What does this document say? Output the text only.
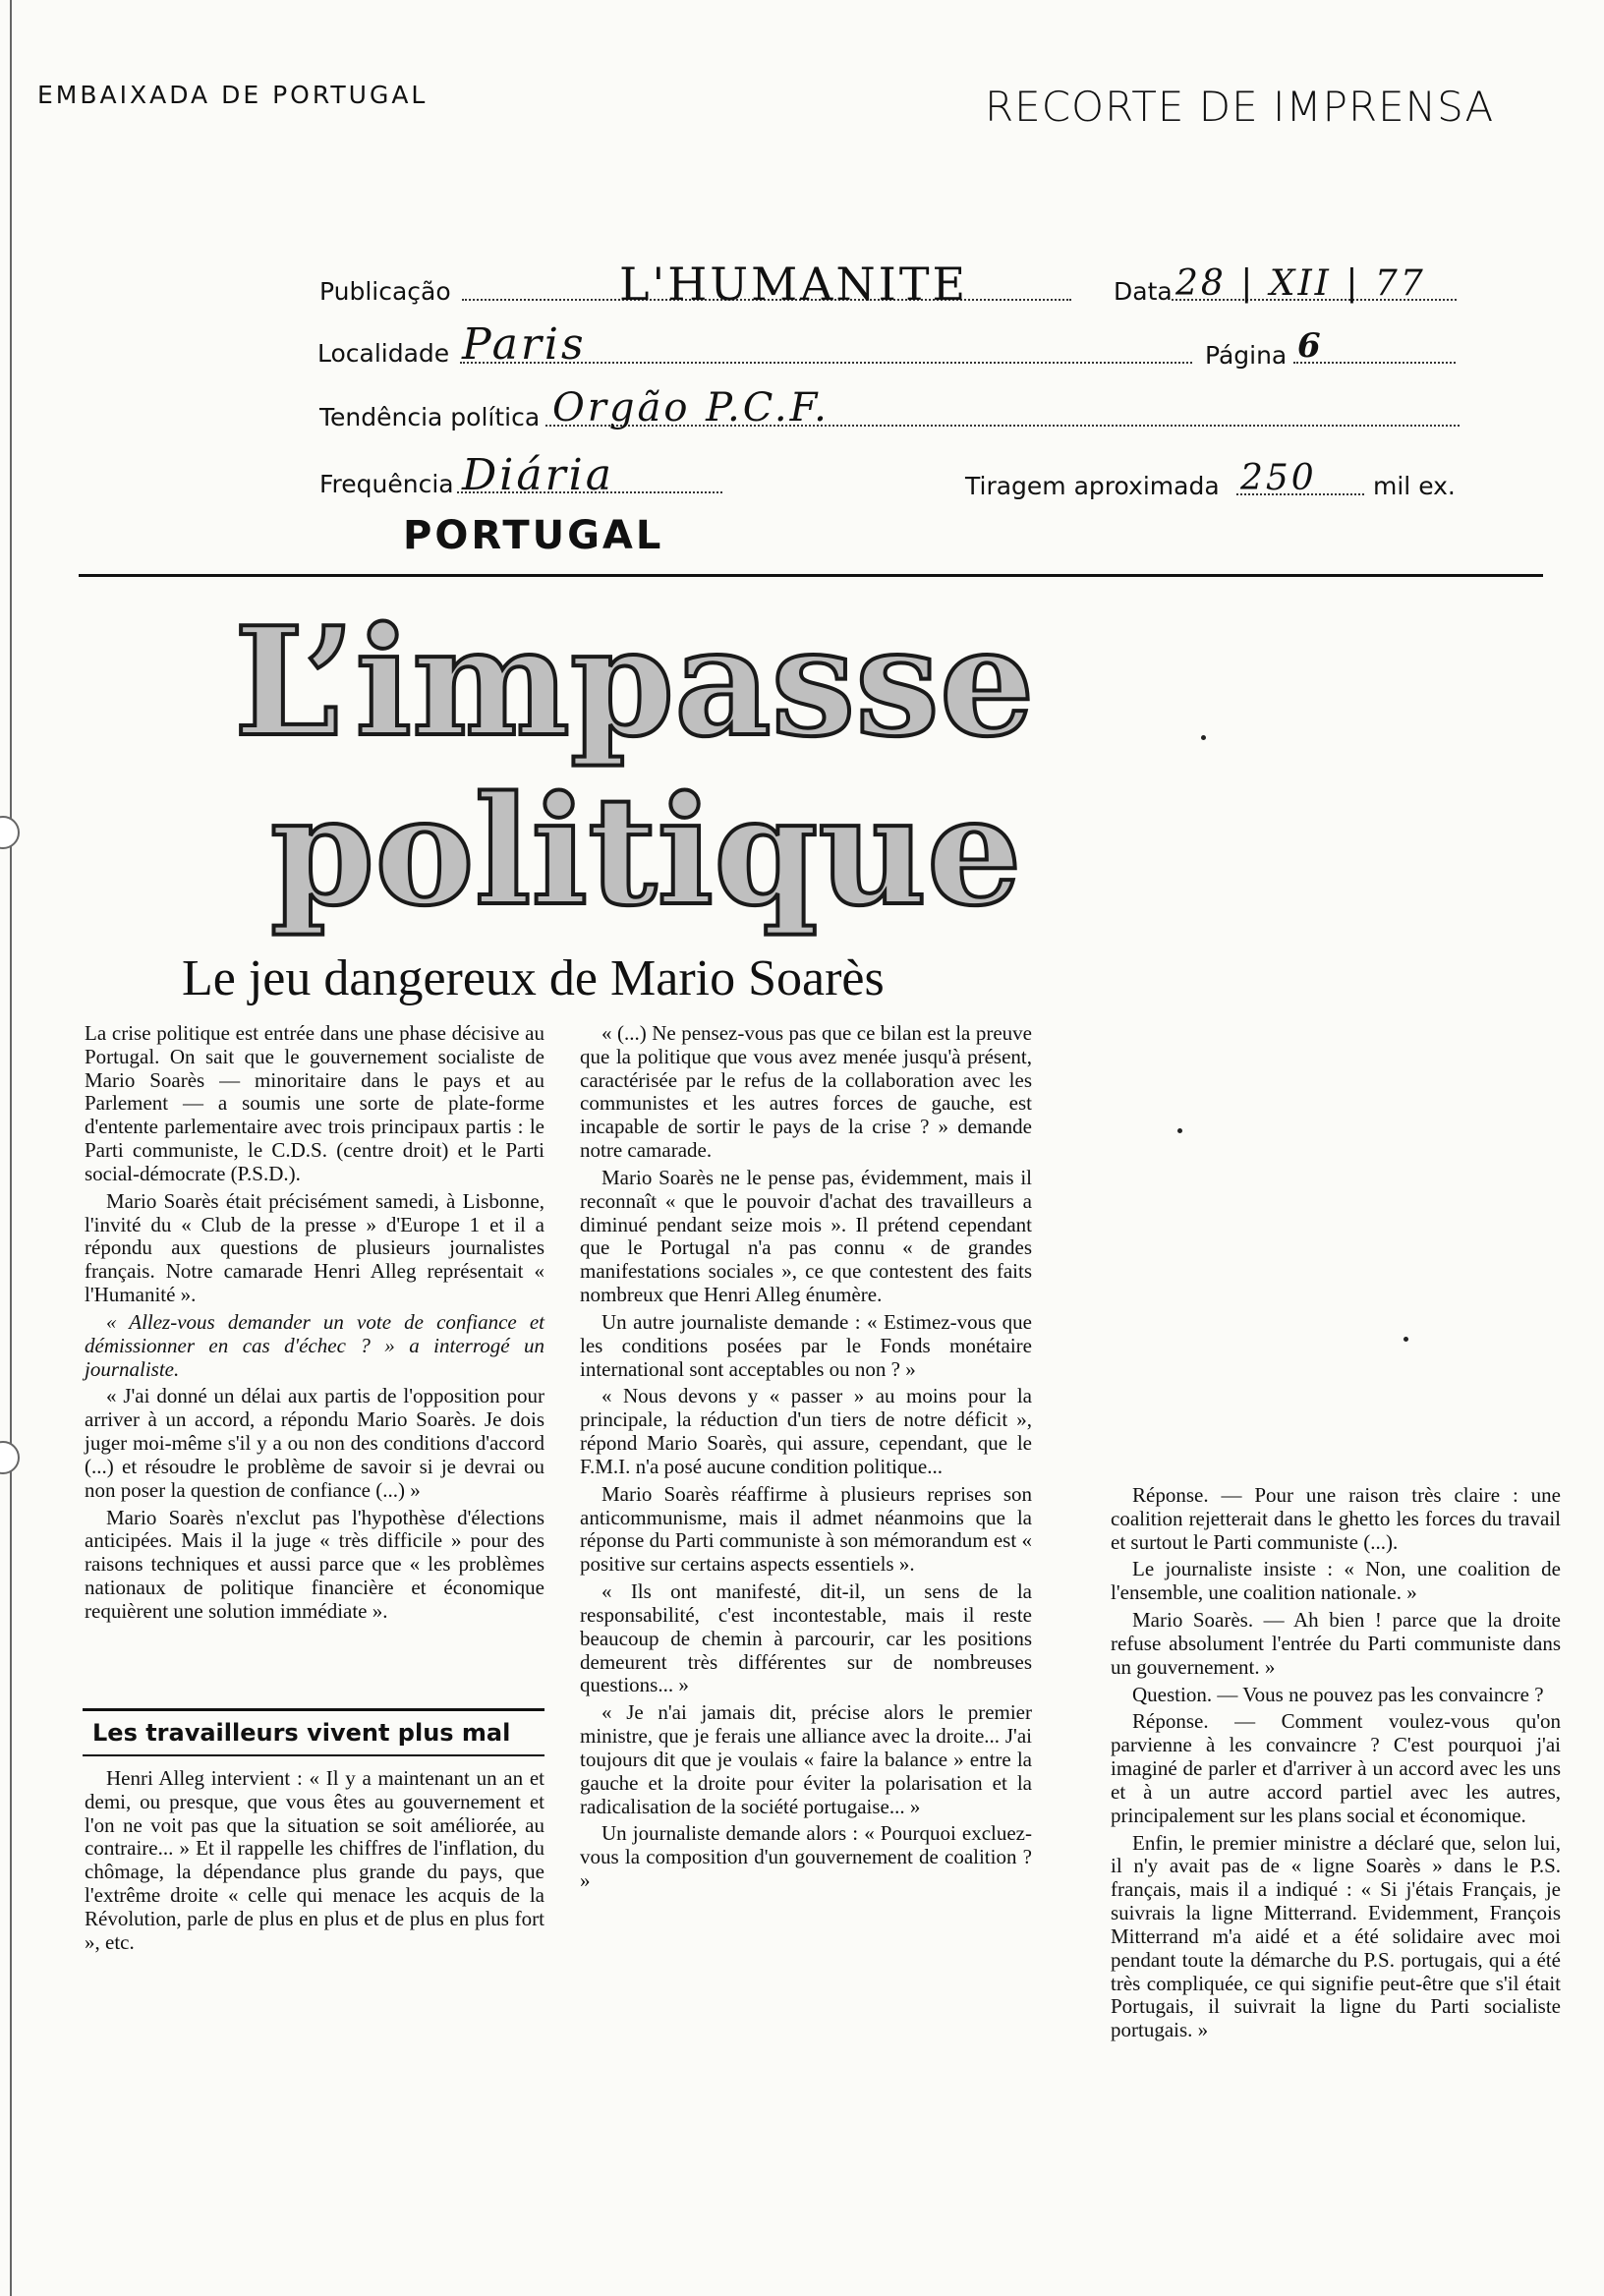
EMBAIXADA DE PORTUGAL	RECORTE DE IMPRENSA
Publicação	L'HUMANITE	Data 28 | XII | 77
Localidade Paris	Página 6
Tendência política Orgão P.C.F.
Frequência Diária	Tiragem aproximada 250 mil ex.
PORTUGAL
L’impasse
politique
Le jeu dangereux de Mario Soarès

La crise politique est entrée dans une phase décisive au Portugal. On sait que le gouvernement socialiste de Mario Soarès — minoritaire dans le pays et au Parlement — a soumis une sorte de plate-forme d'entente parlementaire avec trois principaux partis : le Parti communiste, le C.D.S. (centre droit) et le Parti social-démocrate (P.S.D.).

Mario Soarès était précisément samedi, à Lisbonne, l'invité du « Club de la presse » d'Europe 1 et il a répondu aux questions de plusieurs journalistes français. Notre camarade Henri Alleg représentait « l'Humanité ».

« Allez-vous demander un vote de confiance et démissionner en cas d'échec ? » a interrogé un journaliste.

« J'ai donné un délai aux partis de l'opposition pour arriver à un accord, a répondu Mario Soarès. Je dois juger moi-même s'il y a ou non des conditions d'accord (...) et résoudre le problème de savoir si je devrai ou non poser la question de confiance (...) »

Mario Soarès n'exclut pas l'hypothèse d'élections anticipées. Mais il la juge « très difficile » pour des raisons techniques et aussi parce que « les problèmes nationaux de politique financière et économique requièrent une solution immédiate ».

Les travailleurs vivent plus mal

Henri Alleg intervient : « Il y a maintenant un an et demi, ou presque, que vous êtes au gouvernement et l'on ne voit pas que la situation se soit améliorée, au contraire... » Et il rappelle les chiffres de l'inflation, du chômage, la dépendance plus grande du pays, que l'extrême droite « celle qui menace les acquis de la Révolution, parle de plus en plus et de plus en plus fort », etc.

« (...) Ne pensez-vous pas que ce bilan est la preuve que la politique que vous avez menée jusqu'à présent, caractérisée par le refus de la collaboration avec les communistes et les autres forces de gauche, est incapable de sortir le pays de la crise ? » demande notre camarade.

Mario Soarès ne le pense pas, évidemment, mais il reconnaît « que le pouvoir d'achat des travailleurs a diminué pendant seize mois ». Il prétend cependant que le Portugal n'a pas connu « de grandes manifestations sociales », ce que contestent des faits nombreux que Henri Alleg énumère.

Un autre journaliste demande : « Estimez-vous que les conditions posées par le Fonds monétaire international sont acceptables ou non ? »

« Nous devons y « passer » au moins pour la principale, la réduction d'un tiers de notre déficit », répond Mario Soarès, qui assure, cependant, que le F.M.I. n'a posé aucune condition politique...

Mario Soarès réaffirme à plusieurs reprises son anticommunisme, mais il admet néanmoins que la réponse du Parti communiste à son mémorandum est « positive sur certains aspects essentiels ».

« Ils ont manifesté, dit-il, un sens de la responsabilité, c'est incontestable, mais il reste beaucoup de chemin à parcourir, car les positions demeurent très différentes sur de nombreuses questions... »

« Je n'ai jamais dit, précise alors le premier ministre, que je ferais une alliance avec la droite... J'ai toujours dit que je voulais « faire la balance » entre la gauche et la droite pour éviter la polarisation et la radicalisation de la société portugaise... »

Un journaliste demande alors : « Pourquoi excluez-vous la composition d'un gouvernement de coalition ? »

Réponse. — Pour une raison très claire : une coalition rejetterait dans le ghetto les forces du travail et surtout le Parti communiste (...).

Le journaliste insiste : « Non, une coalition de l'ensemble, une coalition nationale. »

Mario Soarès. — Ah bien ! parce que la droite refuse absolument l'entrée du Parti communiste dans un gouvernement. »

Question. — Vous ne pouvez pas les convaincre ?

Réponse. — Comment voulez-vous qu'on parvienne à les convaincre ? C'est pourquoi j'ai imaginé de parler et d'arriver à un accord avec les uns et à un autre accord partiel avec les autres, principalement sur les plans social et économique.

Enfin, le premier ministre a déclaré que, selon lui, il n'y avait pas de « ligne Soarès » dans le P.S. français, mais il a indiqué : « Si j'étais Français, je suivrais la ligne Mitterrand. Evidemment, François Mitterrand m'a aidé et a été solidaire avec moi pendant toute la démarche du P.S. portugais, qui a été très compliquée, ce qui signifie peut-être que s'il était Portugais, il suivrait la ligne du Parti socialiste portugais. »
